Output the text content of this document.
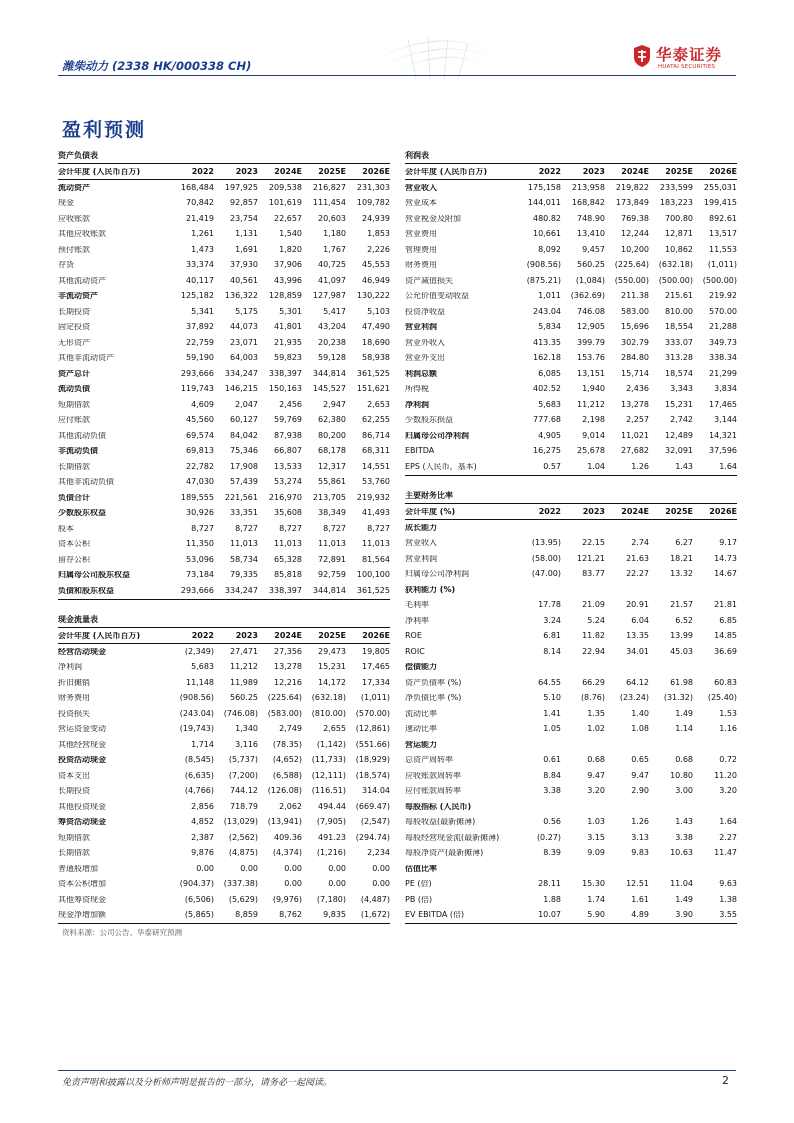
潍柴动力 (2338 HK/000338 CH)
华泰证券
HUATAI SECURITIES
盈利预测
资产负债表
会计年度 (人民币百万)	2022	2023	2024E	2025E	2026E
流动资产	168,484	197,925	209,538	216,827	231,303
现金	70,842	92,857	101,619	111,454	109,782
应收账款	21,419	23,754	22,657	20,603	24,939
其他应收账款	1,261	1,131	1,540	1,180	1,853
预付账款	1,473	1,691	1,820	1,767	2,226
存货	33,374	37,930	37,906	40,725	45,553
其他流动资产	40,117	40,561	43,996	41,097	46,949
非流动资产	125,182	136,322	128,859	127,987	130,222
长期投资	5,341	5,175	5,301	5,417	5,103
固定投资	37,892	44,073	41,801	43,204	47,490
无形资产	22,759	23,071	21,935	20,238	18,690
其他非流动资产	59,190	64,003	59,823	59,128	58,938
资产总计	293,666	334,247	338,397	344,814	361,525
流动负债	119,743	146,215	150,163	145,527	151,621
短期借款	4,609	2,047	2,456	2,947	2,653
应付账款	45,560	60,127	59,769	62,380	62,255
其他流动负债	69,574	84,042	87,938	80,200	86,714
非流动负债	69,813	75,346	66,807	68,178	68,311
长期借款	22,782	17,908	13,533	12,317	14,551
其他非流动负债	47,030	57,439	53,274	55,861	53,760
负债合计	189,555	221,561	216,970	213,705	219,932
少数股东权益	30,926	33,351	35,608	38,349	41,493
股本	8,727	8,727	8,727	8,727	8,727
资本公积	11,350	11,013	11,013	11,013	11,013
留存公积	53,096	58,734	65,328	72,891	81,564
归属母公司股东权益	73,184	79,335	85,818	92,759	100,100
负债和股东权益	293,666	334,247	338,397	344,814	361,525
现金流量表
会计年度 (人民币百万)	2022	2023	2024E	2025E	2026E
经营活动现金	(2,349)	27,471	27,356	29,473	19,805
净利润	5,683	11,212	13,278	15,231	17,465
折旧摊销	11,148	11,989	12,216	14,172	17,334
财务费用	(908.56)	560.25	(225.64)	(632.18)	(1,011)
投资损失	(243.04)	(746.08)	(583.00)	(810.00)	(570.00)
营运资金变动	(19,743)	1,340	2,749	2,655	(12,861)
其他经营现金	1,714	3,116	(78.35)	(1,142)	(551.66)
投资活动现金	(8,545)	(5,737)	(4,652)	(11,733)	(18,929)
资本支出	(6,635)	(7,200)	(6,588)	(12,111)	(18,574)
长期投资	(4,766)	744.12	(126.08)	(116.51)	314.04
其他投资现金	2,856	718.79	2,062	494.44	(669.47)
筹资活动现金	4,852	(13,029)	(13,941)	(7,905)	(2,547)
短期借款	2,387	(2,562)	409.36	491.23	(294.74)
长期借款	9,876	(4,875)	(4,374)	(1,216)	2,234
普通股增加	0.00	0.00	0.00	0.00	0.00
资本公积增加	(904.37)	(337.38)	0.00	0.00	0.00
其他筹资现金	(6,506)	(5,629)	(9,976)	(7,180)	(4,487)
现金净增加额	(5,865)	8,859	8,762	9,835	(1,672)
利润表
会计年度 (人民币百万)	2022	2023	2024E	2025E	2026E
营业收入	175,158	213,958	219,822	233,599	255,031
营业成本	144,011	168,842	173,849	183,223	199,415
营业税金及附加	480.82	748.90	769.38	700.80	892.61
营业费用	10,661	13,410	12,244	12,871	13,517
管理费用	8,092	9,457	10,200	10,862	11,553
财务费用	(908.56)	560.25	(225.64)	(632.18)	(1,011)
资产减值损失	(875.21)	(1,084)	(550.00)	(500.00)	(500.00)
公允价值变动收益	1,011	(362.69)	211.38	215.61	219.92
投资净收益	243.04	746.08	583.00	810.00	570.00
营业利润	5,834	12,905	15,696	18,554	21,288
营业外收入	413.35	399.79	302.79	333.07	349.73
营业外支出	162.18	153.76	284.80	313.28	338.34
利润总额	6,085	13,151	15,714	18,574	21,299
所得税	402.52	1,940	2,436	3,343	3,834
净利润	5,683	11,212	13,278	15,231	17,465
少数股东损益	777.68	2,198	2,257	2,742	3,144
归属母公司净利润	4,905	9,014	11,021	12,489	14,321
EBITDA	16,275	25,678	27,682	32,091	37,596
EPS (人民币，基本)	0.57	1.04	1.26	1.43	1.64
主要财务比率
会计年度 (%)	2022	2023	2024E	2025E	2026E
成长能力
营业收入	(13.95)	22.15	2.74	6.27	9.17
营业利润	(58.00)	121.21	21.63	18.21	14.73
归属母公司净利润	(47.00)	83.77	22.27	13.32	14.67
获利能力 (%)
毛利率	17.78	21.09	20.91	21.57	21.81
净利率	3.24	5.24	6.04	6.52	6.85
ROE	6.81	11.82	13.35	13.99	14.85
ROIC	8.14	22.94	34.01	45.03	36.69
偿债能力
资产负债率 (%)	64.55	66.29	64.12	61.98	60.83
净负债比率 (%)	5.10	(8.76)	(23.24)	(31.32)	(25.40)
流动比率	1.41	1.35	1.40	1.49	1.53
速动比率	1.05	1.02	1.08	1.14	1.16
营运能力
总资产周转率	0.61	0.68	0.65	0.68	0.72
应收账款周转率	8.84	9.47	9.47	10.80	11.20
应付账款周转率	3.38	3.20	2.90	3.00	3.20
每股指标 (人民币)
每股收益(最新摊薄)	0.56	1.03	1.26	1.43	1.64
每股经营现金流(最新摊薄)	(0.27)	3.15	3.13	3.38	2.27
每股净资产(最新摊薄)	8.39	9.09	9.83	10.63	11.47
估值比率
PE (倍)	28.11	15.30	12.51	11.04	9.63
PB (倍)	1.88	1.74	1.61	1.49	1.38
EV EBITDA (倍)	10.07	5.90	4.89	3.90	3.55
资料来源：公司公告、华泰研究预测
免责声明和披露以及分析师声明是报告的一部分，请务必一起阅读。	2
